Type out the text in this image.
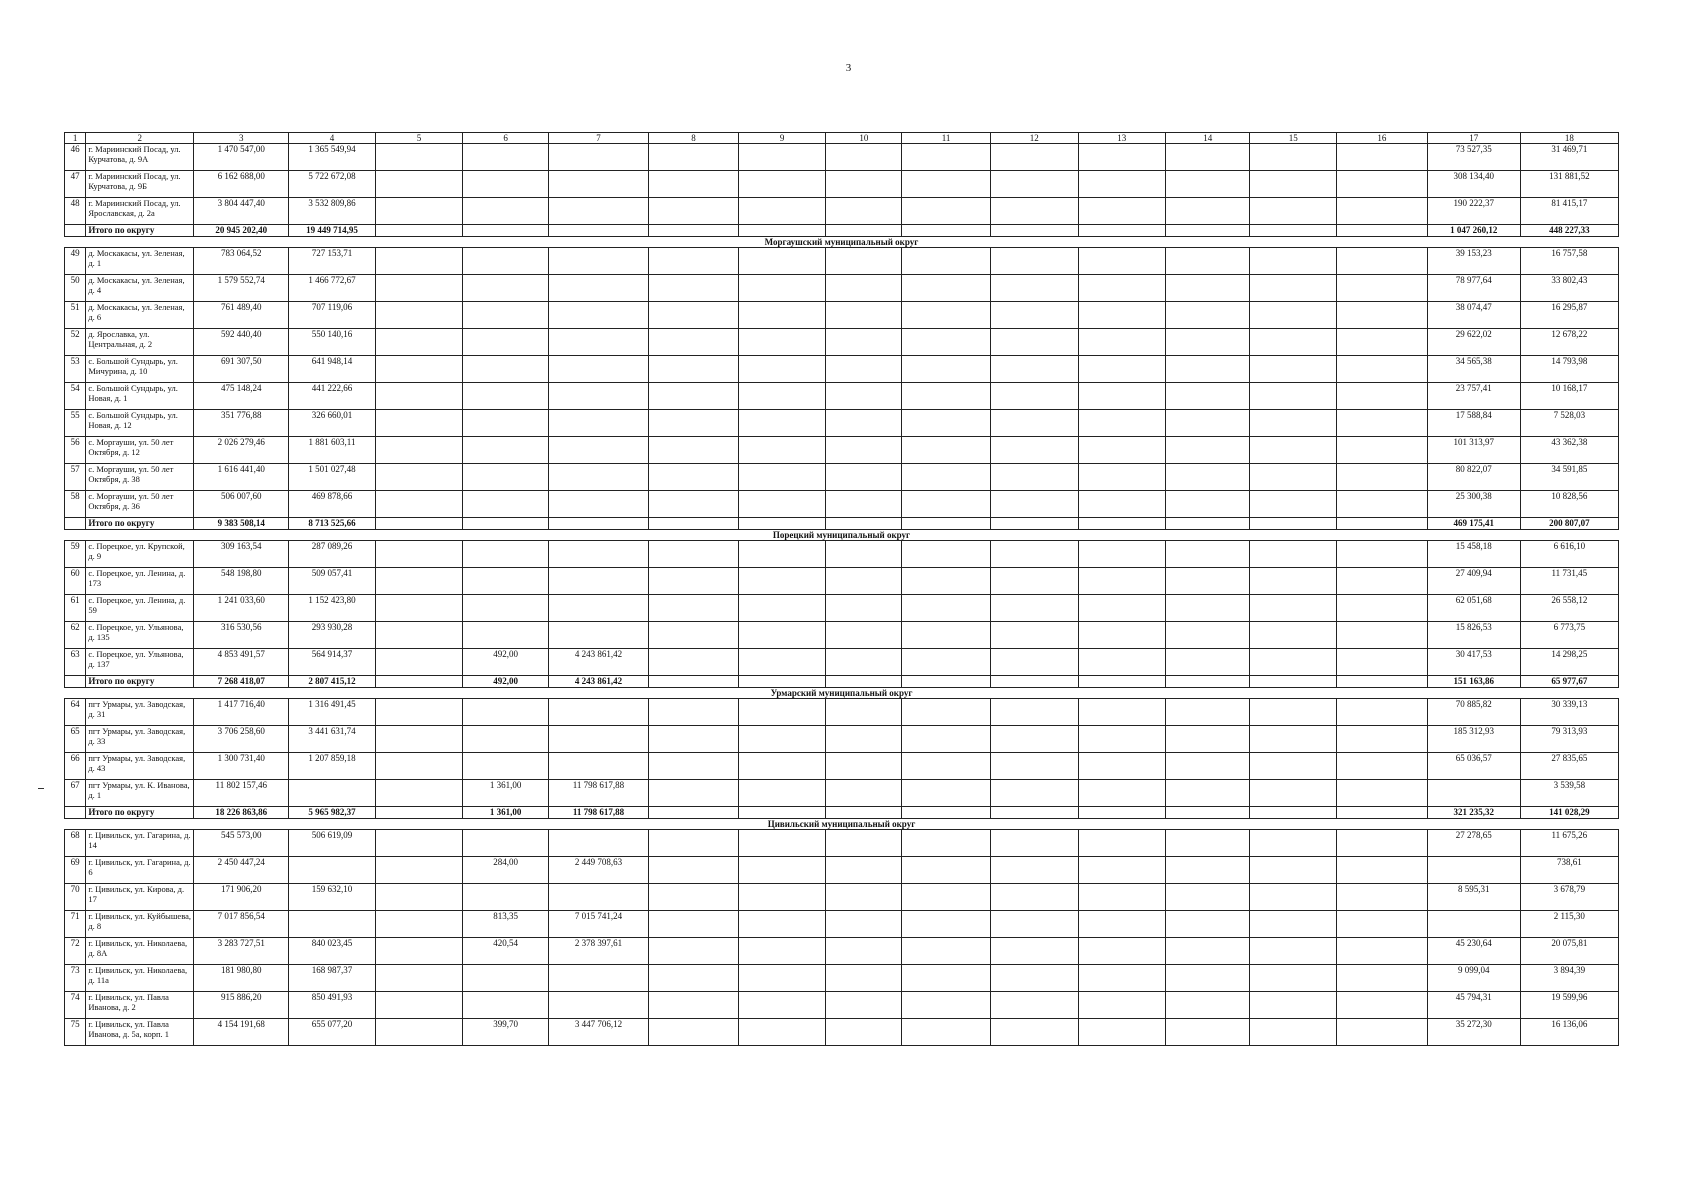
3
1	2	3	4	5	6	7	8	9	10	11	12	13	14	15	16	17	18
46	г. Мариинский Посад, ул. Курчатова, д. 9А	1 470 547,00	1 365 549,94													73 527,35	31 469,71
47	г. Мариинский Посад, ул. Курчатова, д. 9Б	6 162 688,00	5 722 672,08													308 134,40	131 881,52
48	г. Мариинский Посад, ул. Ярославская, д. 2а	3 804 447,40	3 532 809,86													190 222,37	81 415,17
	Итого по округу	20 945 202,40	19 449 714,95													1 047 260,12	448 227,33
Моргаушский муниципальный округ																	
49	д. Москакасы, ул. Зеленая, д. 1	783 064,52	727 153,71													39 153,23	16 757,58
50	д. Москакасы, ул. Зеленая, д. 4	1 579 552,74	1 466 772,67													78 977,64	33 802,43
51	д. Москакасы, ул. Зеленая, д. 6	761 489,40	707 119,06													38 074,47	16 295,87
52	д. Ярославка, ул. Центральная, д. 2	592 440,40	550 140,16													29 622,02	12 678,22
53	с. Большой Сундырь, ул. Мичурина, д. 10	691 307,50	641 948,14													34 565,38	14 793,98
54	с. Большой Сундырь, ул. Новая, д. 1	475 148,24	441 222,66													23 757,41	10 168,17
55	с. Большой Сундырь, ул. Новая, д. 12	351 776,88	326 660,01													17 588,84	7 528,03
56	с. Моргауши, ул. 50 лет Октября, д. 12	2 026 279,46	1 881 603,11													101 313,97	43 362,38
57	с. Моргауши, ул. 50 лет Октября, д. 38	1 616 441,40	1 501 027,48													80 822,07	34 591,85
58	с. Моргауши, ул. 50 лет Октября, д. 36	506 007,60	469 878,66													25 300,38	10 828,56
	Итого по округу	9 383 508,14	8 713 525,66													469 175,41	200 807,07
Порецкий муниципальный округ																	
59	с. Порецкое, ул. Крупской, д. 9	309 163,54	287 089,26													15 458,18	6 616,10
60	с. Порецкое, ул. Ленина, д. 173	548 198,80	509 057,41													27 409,94	11 731,45
61	с. Порецкое, ул. Ленина, д. 59	1 241 033,60	1 152 423,80													62 051,68	26 558,12
62	с. Порецкое, ул. Ульянова, д. 135	316 530,56	293 930,28													15 826,53	6 773,75
63	с. Порецкое, ул. Ульянова, д. 137	4 853 491,57	564 914,37		492,00	4 243 861,42										30 417,53	14 298,25
	Итого по округу	7 268 418,07	2 807 415,12		492,00	4 243 861,42										151 163,86	65 977,67
Урмарский муниципальный округ																	
64	пгт Урмары, ул. Заводская, д. 31	1 417 716,40	1 316 491,45													70 885,82	30 339,13
65	пгт Урмары, ул. Заводская, д. 33	3 706 258,60	3 441 631,74													185 312,93	79 313,93
66	пгт Урмары, ул. Заводская, д. 43	1 300 731,40	1 207 859,18													65 036,57	27 835,65
67	пгт Урмары, ул. К. Иванова, д. 1	11 802 157,46			1 361,00	11 798 617,88											3 539,58
	Итого по округу	18 226 863,86	5 965 982,37		1 361,00	11 798 617,88										321 235,32	141 028,29
Цивильский муниципальный округ																	
68	г. Цивильск, ул. Гагарина, д. 14	545 573,00	506 619,09													27 278,65	11 675,26
69	г. Цивильск, ул. Гагарина, д. 6	2 450 447,24			284,00	2 449 708,63											738,61
70	г. Цивильск, ул. Кирова, д. 17	171 906,20	159 632,10													8 595,31	3 678,79
71	г. Цивильск, ул. Куйбышева, д. 8	7 017 856,54			813,35	7 015 741,24											2 115,30
72	г. Цивильск, ул. Николаева, д. 8А	3 283 727,51	840 023,45		420,54	2 378 397,61										45 230,64	20 075,81
73	г. Цивильск, ул. Николаева, д. 11а	181 980,80	168 987,37													9 099,04	3 894,39
74	г. Цивильск, ул. Павла Иванова, д. 2	915 886,20	850 491,93													45 794,31	19 599,96
75	г. Цивильск, ул. Павла Иванова, д. 5а, корп. 1	4 154 191,68	655 077,20		399,70	3 447 706,12										35 272,30	16 136,06
